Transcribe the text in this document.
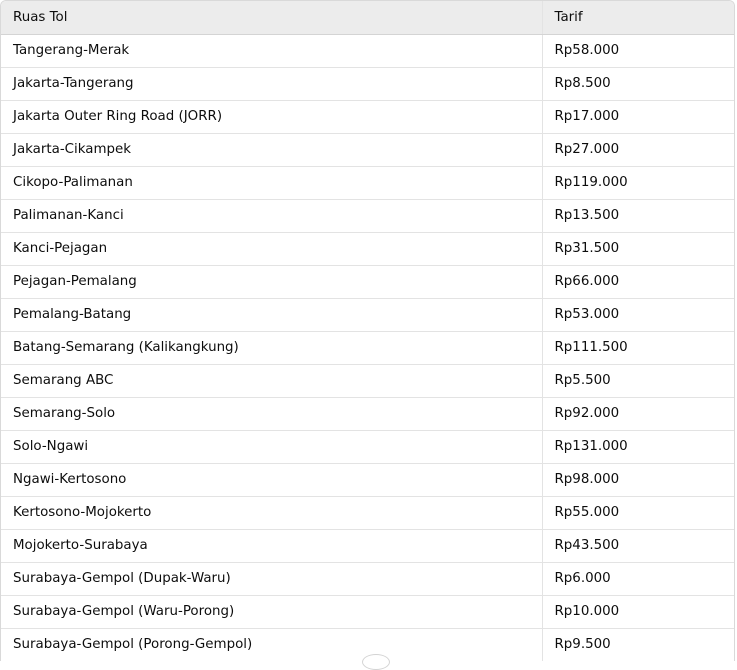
Ruas Tol	Tarif
Tangerang-Merak	Rp58.000
Jakarta-Tangerang	Rp8.500
Jakarta Outer Ring Road (JORR)	Rp17.000
Jakarta-Cikampek	Rp27.000
Cikopo-Palimanan	Rp119.000
Palimanan-Kanci	Rp13.500
Kanci-Pejagan	Rp31.500
Pejagan-Pemalang	Rp66.000
Pemalang-Batang	Rp53.000
Batang-Semarang (Kalikangkung)	Rp111.500
Semarang ABC	Rp5.500
Semarang-Solo	Rp92.000
Solo-Ngawi	Rp131.000
Ngawi-Kertosono	Rp98.000
Kertosono-Mojokerto	Rp55.000
Mojokerto-Surabaya	Rp43.500
Surabaya-Gempol (Dupak-Waru)	Rp6.000
Surabaya-Gempol (Waru-Porong)	Rp10.000
Surabaya-Gempol (Porong-Gempol)	Rp9.500
